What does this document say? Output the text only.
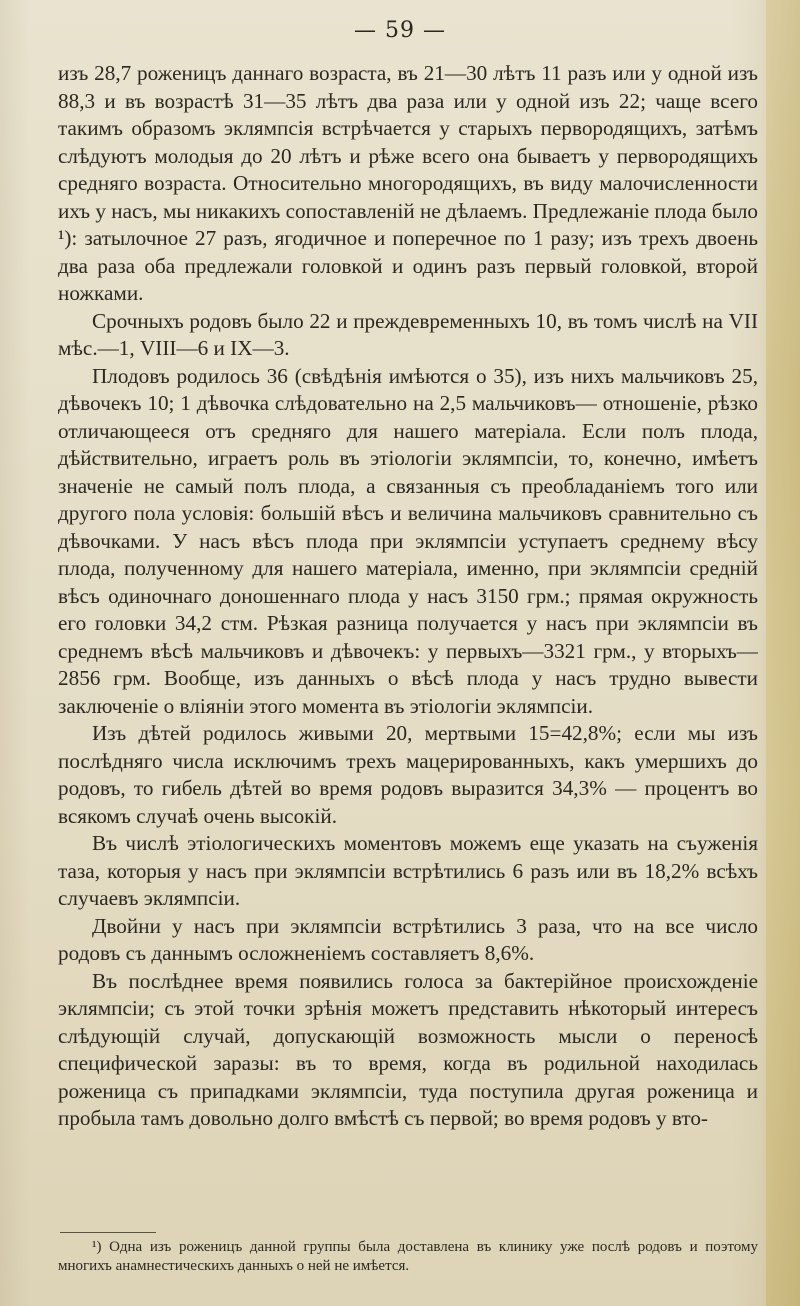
— 59 —

изъ 28,7 роженицъ даннаго возраста, въ 21—30 лѣтъ 11 разъ или у одной изъ 88,3 и въ возрастѣ 31—35 лѣтъ два раза или у одной изъ 22; чаще всего такимъ образомъ эклямпсія встрѣчается у старыхъ первородящихъ, затѣмъ слѣдуютъ молодыя до 20 лѣтъ и рѣже всего она бываетъ у первородящихъ средняго возраста. Относительно многородящихъ, въ виду малочисленности ихъ у насъ, мы никакихъ сопоставленій не дѣлаемъ. Предлежаніе плода было ¹): затылочное 27 разъ, ягодичное и поперечное по 1 разу; изъ трехъ двоень два раза оба предлежали головкой и одинъ разъ первый головкой, второй ножками.

Срочныхъ родовъ было 22 и преждевременныхъ 10, въ томъ числѣ на VII мѣс.—1, VIII—6 и IX—3.

Плодовъ родилось 36 (свѣдѣнія имѣются о 35), изъ нихъ мальчиковъ 25, дѣвочекъ 10; 1 дѣвочка слѣдовательно на 2,5 мальчиковъ— отношеніе, рѣзко отличающееся отъ средняго для нашего матеріала. Если полъ плода, дѣйствительно, играетъ роль въ этіологіи эклямпсіи, то, конечно, имѣетъ значеніе не самый полъ плода, а связанныя съ преобладаніемъ того или другого пола условія: большій вѣсъ и величина мальчиковъ сравнительно съ дѣвочками. У насъ вѣсъ плода при эклямпсіи уступаетъ среднему вѣсу плода, полученному для нашего матеріала, именно, при эклямпсіи средній вѣсъ одиночнаго доношеннаго плода у насъ 3150 грм.; прямая окружность его головки 34,2 стм. Рѣзкая разница получается у насъ при эклямпсіи въ среднемъ вѣсѣ мальчиковъ и дѣвочекъ: у первыхъ—3321 грм., у вторыхъ—2856 грм. Вообще, изъ данныхъ о вѣсѣ плода у насъ трудно вывести заключеніе о вліяніи этого момента въ этіологіи эклямпсіи.

Изъ дѣтей родилось живыми 20, мертвыми 15=42,8%; если мы изъ послѣдняго числа исключимъ трехъ мацерированныхъ, какъ умершихъ до родовъ, то гибель дѣтей во время родовъ выразится 34,3% — процентъ во всякомъ случаѣ очень высокій.

Въ числѣ этіологическихъ моментовъ можемъ еще указать на съуженія таза, которыя у насъ при эклямпсіи встрѣтились 6 разъ или въ 18,2% всѣхъ случаевъ эклямпсіи.

Двойни у насъ при эклямпсіи встрѣтились 3 раза, что на все число родовъ съ даннымъ осложненіемъ составляетъ 8,6%.

Въ послѣднее время появились голоса за бактерійное происхожденіе эклямпсіи; съ этой точки зрѣнія можетъ представить нѣкоторый интересъ слѣдующій случай, допускающій возможность мысли о переносѣ специфической заразы: въ то время, когда въ родильной находилась роженица съ припадками эклямпсіи, туда поступила другая роженица и пробыла тамъ довольно долго вмѣстѣ съ первой; во время родовъ у вто-

¹) Одна изъ роженицъ данной группы была доставлена въ клинику уже послѣ родовъ и поэтому многихъ анамнестическихъ данныхъ о ней не имѣется.
